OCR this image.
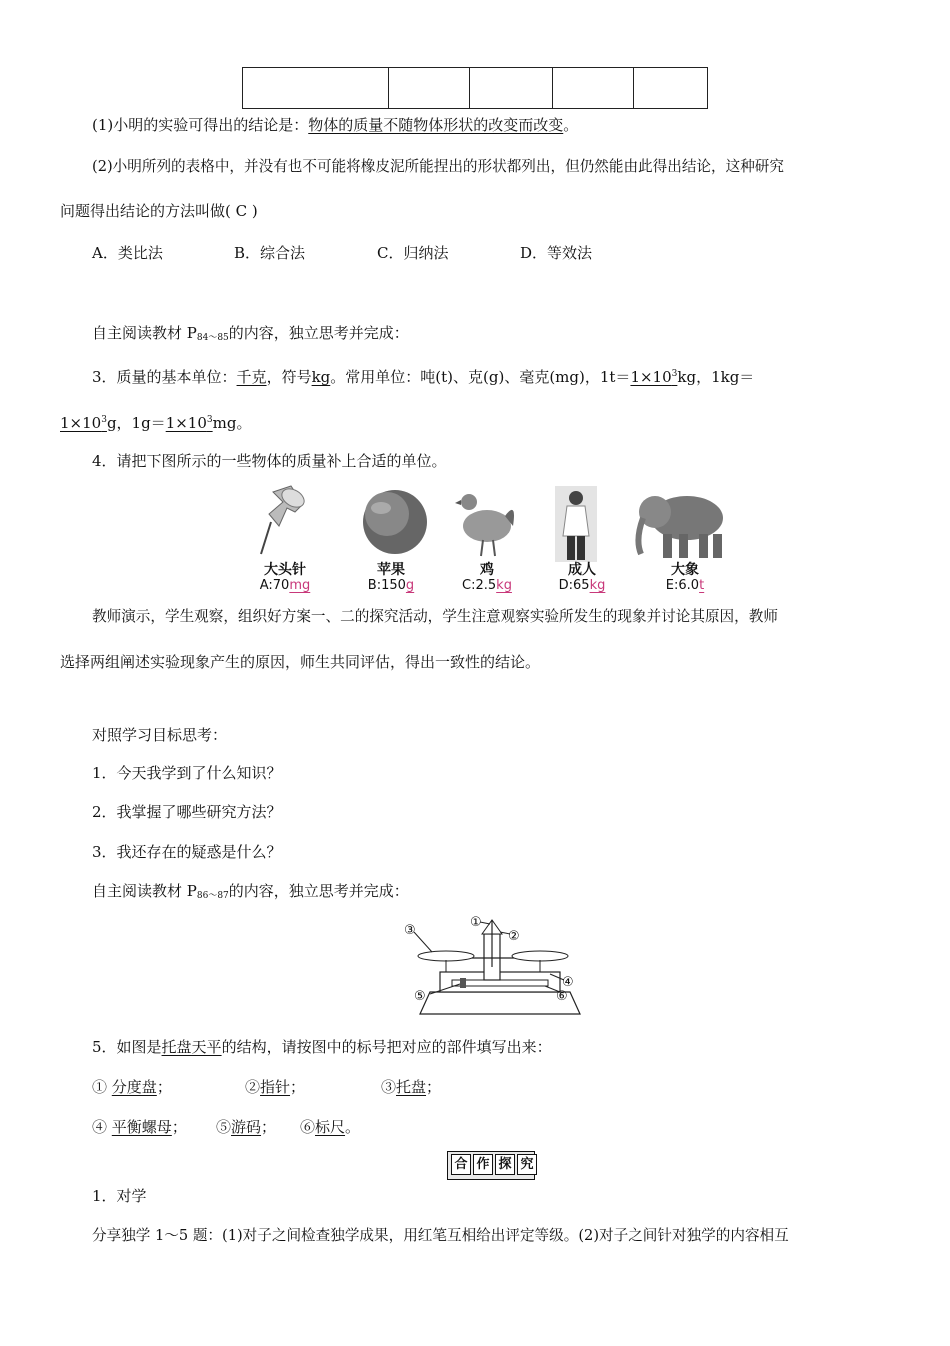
(1)小明的实验可得出的结论是：物体的质量不随物体形状的改变而改变。
(2)小明所列的表格中，并没有也不可能将橡皮泥所能捏出的形状都列出，但仍然能由此得出结论，这种研究
问题得出结论的方法叫做( C )
A．类比法	B．综合法	C．归纳法	D．等效法
自主阅读教材 $P_{84\sim 85}$的内容，独立思考并完成：
3．质量的基本单位：千克，符号kg。常用单位：吨(t)、克(g)、毫克(mg)，$1t=1\times 10^3kg$，1kg＝
$1\times 10^3g$，$1g=1\times 10^3mg$。
4．请把下图所示的一些物体的质量补上合适的单位。
大头针
A:70mg
苹果
B:150g
鸡
C:2.5kg
成人
D:65kg
大象
E:6.0t
教师演示，学生观察，组织好方案一、二的探究活动，学生注意观察实验所发生的现象并讨论其原因，教师
选择两组阐述实验现象产生的原因，师生共同评估，得出一致性的结论。
对照学习目标思考：
1．今天我学到了什么知识？
2．我掌握了哪些研究方法？
3．我还存在的疑惑是什么？
自主阅读教材 $P_{86\sim 87}$的内容，独立思考并完成：
③
①
②
④
⑤	⑥
5．如图是托盘天平的结构，请按图中的标号把对应的部件填写出来：
① 分度盘；	②指针；	③托盘；
④ 平衡螺母； ⑤游码； ⑥标尺。
合 作 探 究
1．对学
分享独学 1～5 题：(1)对子之间检查独学成果，用红笔互相给出评定等级。(2)对子之间针对独学的内容相互
